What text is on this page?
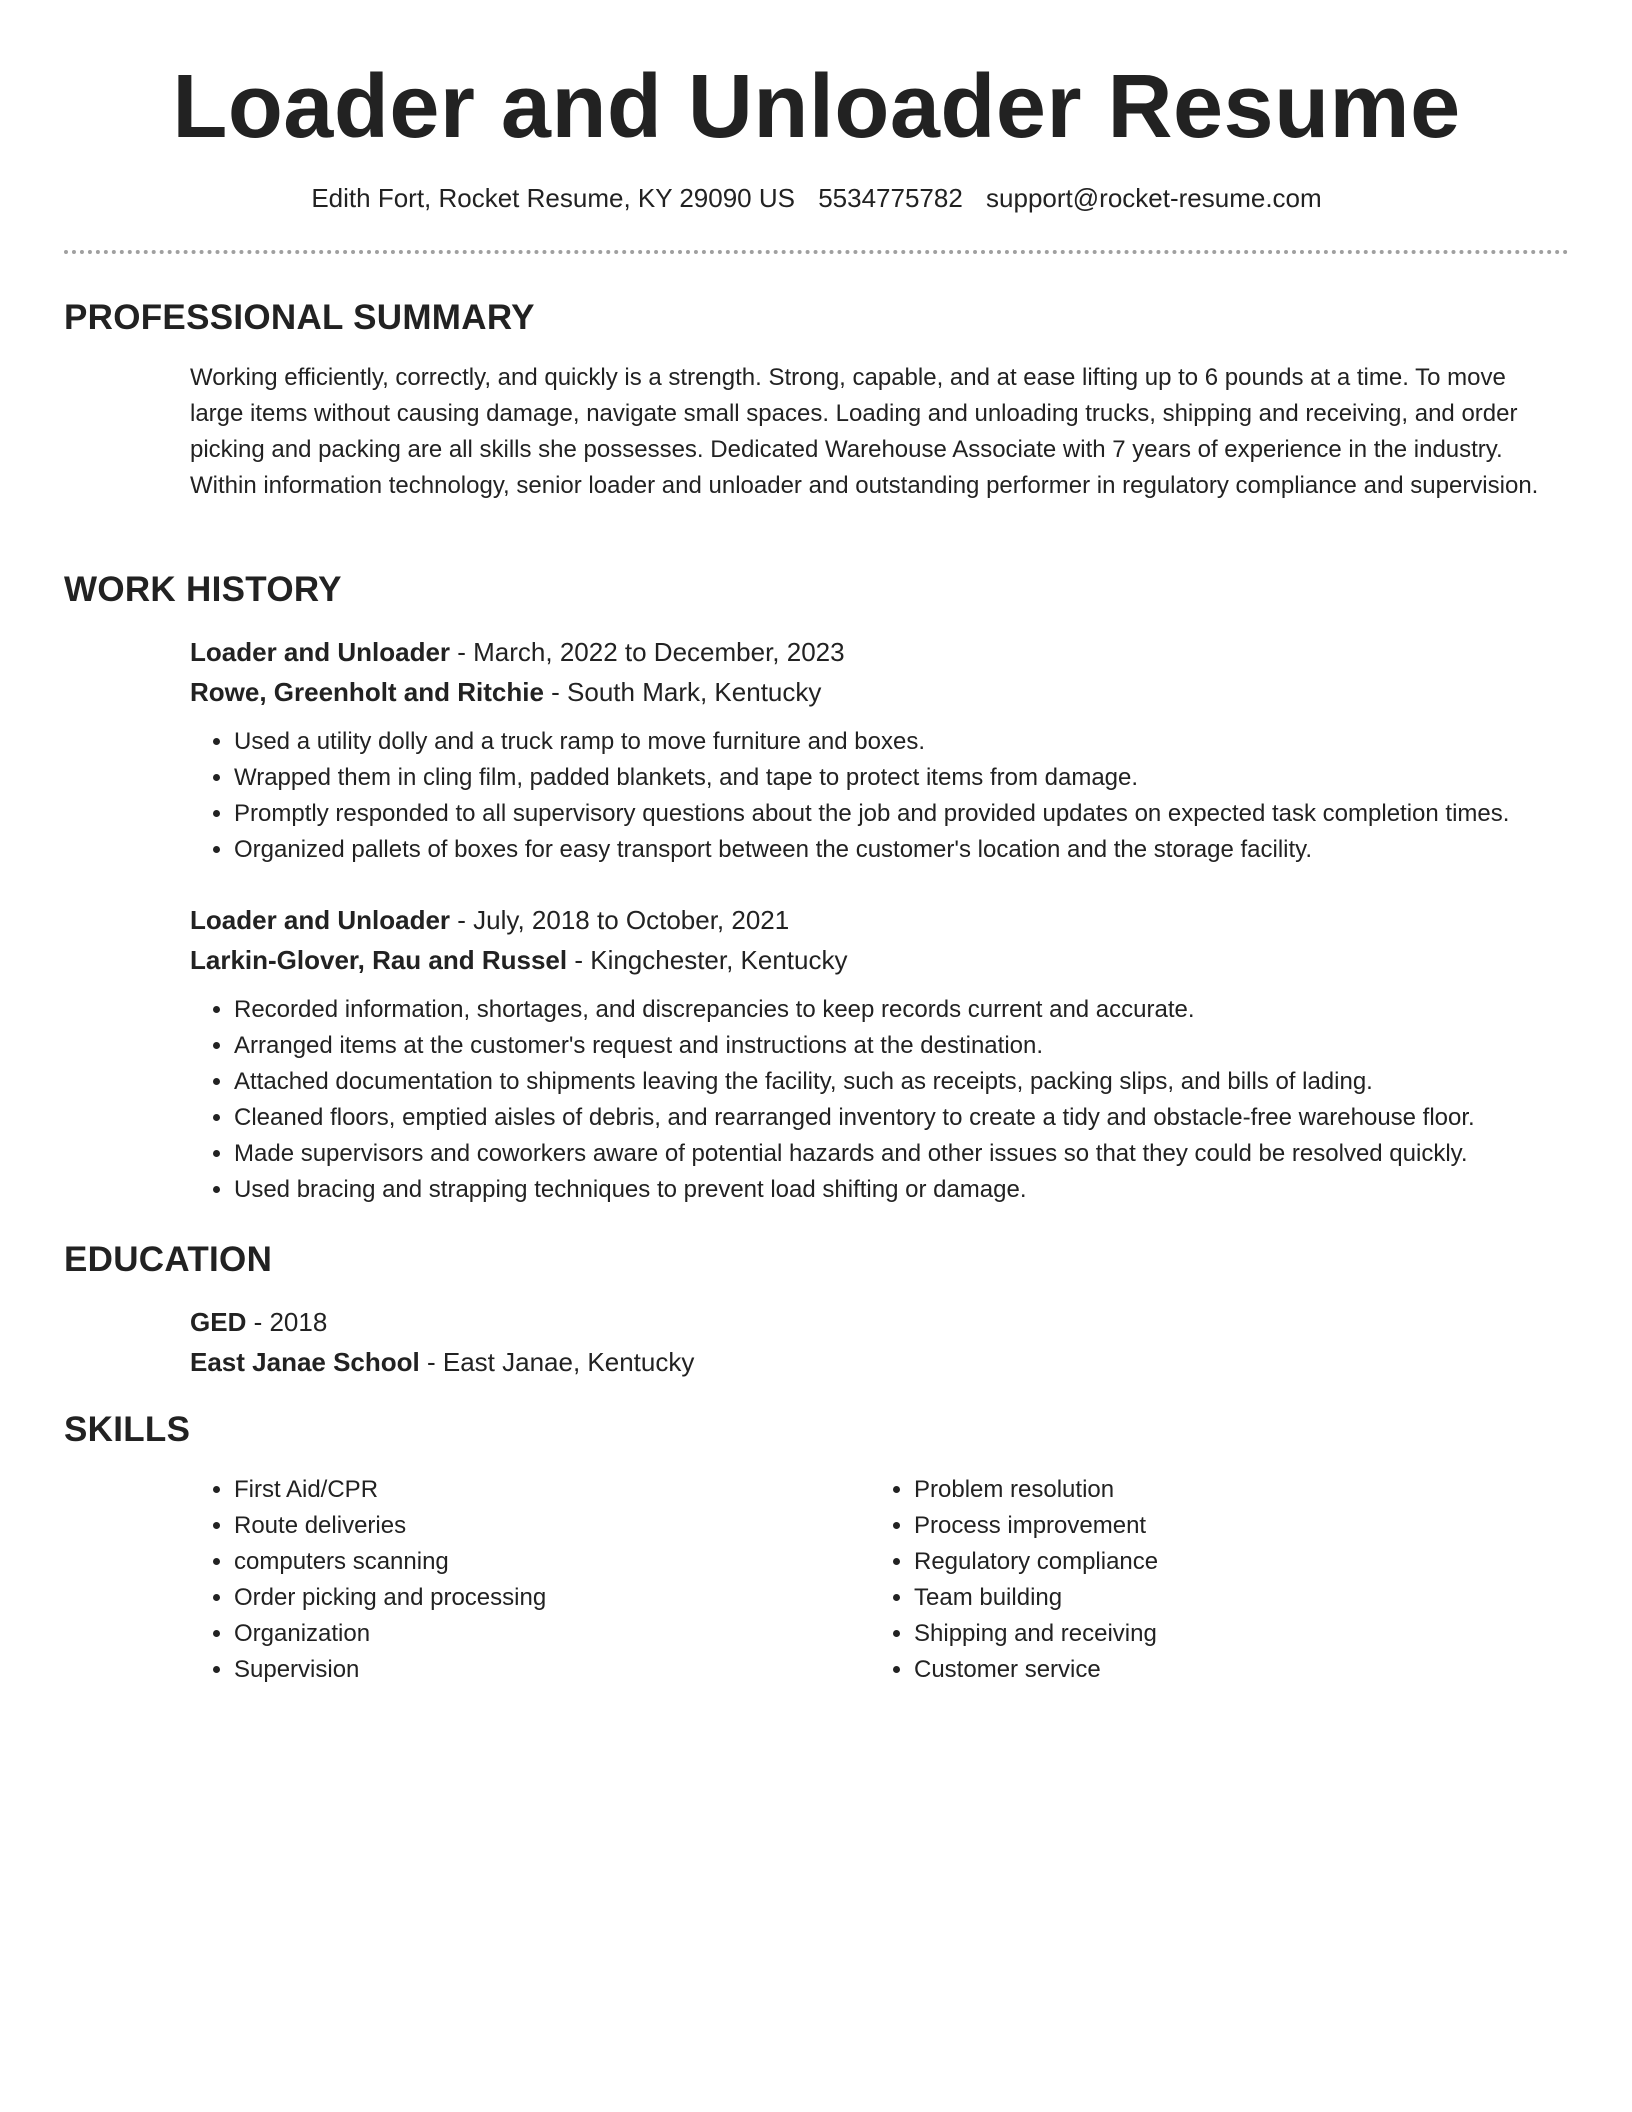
Loader and Unloader Resume
Edith Fort, Rocket Resume, KY 29090 US 5534775782 support@rocket-resume.com
PROFESSIONAL SUMMARY
Working efficiently, correctly, and quickly is a strength. Strong, capable, and at ease lifting up to 6 pounds at a time. To move large items without causing damage, navigate small spaces. Loading and unloading trucks, shipping and receiving, and order picking and packing are all skills she possesses. Dedicated Warehouse Associate with 7 years of experience in the industry. Within information technology, senior loader and unloader and outstanding performer in regulatory compliance and supervision.
WORK HISTORY
Loader and Unloader - March, 2022 to December, 2023
Rowe, Greenholt and Ritchie - South Mark, Kentucky
• Used a utility dolly and a truck ramp to move furniture and boxes.
• Wrapped them in cling film, padded blankets, and tape to protect items from damage.
• Promptly responded to all supervisory questions about the job and provided updates on expected task completion times.
• Organized pallets of boxes for easy transport between the customer's location and the storage facility.
Loader and Unloader - July, 2018 to October, 2021
Larkin-Glover, Rau and Russel - Kingchester, Kentucky
• Recorded information, shortages, and discrepancies to keep records current and accurate.
• Arranged items at the customer's request and instructions at the destination.
• Attached documentation to shipments leaving the facility, such as receipts, packing slips, and bills of lading.
• Cleaned floors, emptied aisles of debris, and rearranged inventory to create a tidy and obstacle-free warehouse floor.
• Made supervisors and coworkers aware of potential hazards and other issues so that they could be resolved quickly.
• Used bracing and strapping techniques to prevent load shifting or damage.
EDUCATION
GED - 2018
East Janae School - East Janae, Kentucky
SKILLS
• First Aid/CPR
• Route deliveries
• computers scanning
• Order picking and processing
• Organization
• Supervision
• Problem resolution
• Process improvement
• Regulatory compliance
• Team building
• Shipping and receiving
• Customer service
